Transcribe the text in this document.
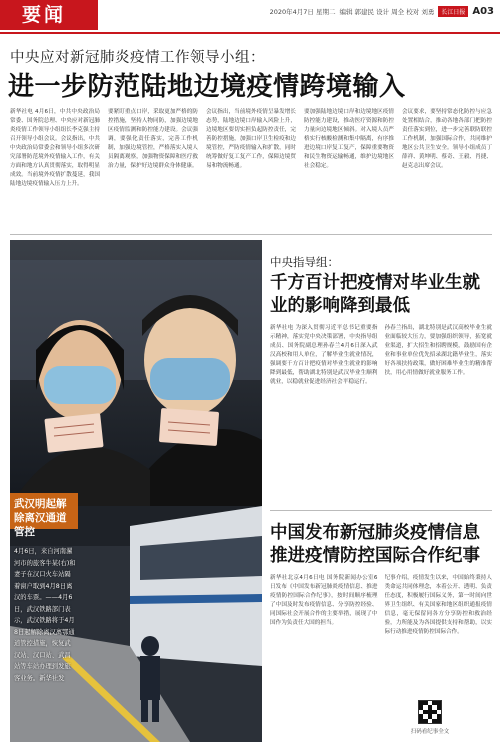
要闻	2020年4月7日 星期二 编辑 郭建民 设计 周全 校对 刘勇	长江日报 A03
中央应对新冠肺炎疫情工作领导小组：
进一步防范陆地边境疫情跨境输入
新华社电 4月6日，中共中央政治局常委、国务院总理、中央应对新冠肺炎疫情工作领导小组组长李克强主持召开领导小组会议。会议指出，中共中央政治局常委会和领导小组多次研究部署防范境外疫情输入工作，有关方面和地方认真贯彻落实，取得明显成效。当前境外疫情扩散蔓延，我国陆地边境疫情输入压力上升。
要紧盯重点口岸，采取更加严格的防控措施，坚持人物同防，加强边境地区疫情监测和防控能力建设。会议强调，要强化责任落实，完善工作机制，加强边境管控，严格落实入境人员隔离观察，加强物资保障和医疗救治力量，保护好边境群众身体健康。
会议指出，当前境外疫情呈暴发增长态势，陆地边境口岸输入风险上升，边境地区要切实担负起防控责任，完善防控措施，加强口岸卫生检疫和边境管控，严防疫情输入和扩散，同时统筹做好复工复产工作，保障边境贸易和物流畅通。
要加强陆地边境口岸和边境地区疫情防控能力建设，推动医疗资源和防控力量向边境地区倾斜。对入境人员严格实行核酸检测和集中隔离，有序推进边境口岸复工复产，保障重要物资和民生物资运输畅通，维护边境地区社会稳定。
会议要求，要坚持常态化防控与应急处置相结合，推动各地各部门把防控责任落实到位，进一步完善联防联控工作机制，加强国际合作，共同维护地区公共卫生安全。领导小组成员丁薛祥、黄坤明、蔡奇、王毅、肖捷、赵克志出席会议。
武汉明起解除离汉通道管控
4月6日，来自河南漯河市的旅客牛某(右)和妻子在汉口火车站隔着窗户取到4月8日离汉的车票。——4月6日，武汉铁路部门表示，武汉铁路将于4月8日起解除离汉离鄂通道管控措施，恢复武汉站、汉口站、武昌站等车站办理到发旅客业务。新华社发
中央指导组：
千方百计把疫情对毕业生就业的影响降到最低
新华社电 为深入贯彻习近平总书记重要指示精神，落实党中央决策部署，中央指导组成员、国务院副总理孙春兰4月6日深入武汉高校和用人单位，了解毕业生就业情况，强调要千方百计把疫情对毕业生就业的影响降到最低，帮助湖北特别是武汉毕业生顺利就业，以稳就业促进经济社会平稳运行。
孙春兰指出，湖北特别是武汉高校毕业生就业面临较大压力，要加强组织领导，拓宽就业渠道，扩大招生和招聘规模，鼓励国有企业和事业单位优先招录湖北籍毕业生，落实好各项扶持政策，做好困难毕业生的精准帮扶，用心用情做好就业服务工作。
中国发布新冠肺炎疫情信息推进疫情防控国际合作纪事
新华社北京4月6日电 国务院新闻办公室6日发布《中国发布新冠肺炎疫情信息、推进疫情防控国际合作纪事》，按时间顺序梳理了中国及时发布疫情信息、分享防控经验、同国际社会开展合作的主要举措，展现了中国作为负责任大国的担当。
纪事介绍，疫情发生以来，中国始终秉持人类命运共同体理念，本着公开、透明、负责任态度，积极履行国际义务，第一时间向世界卫生组织、有关国家和地区组织通报疫情信息，毫无保留同各方分享防控和救治经验，力所能及为各国提供支持和帮助，以实际行动推进疫情防控国际合作。
扫码看纪事全文
